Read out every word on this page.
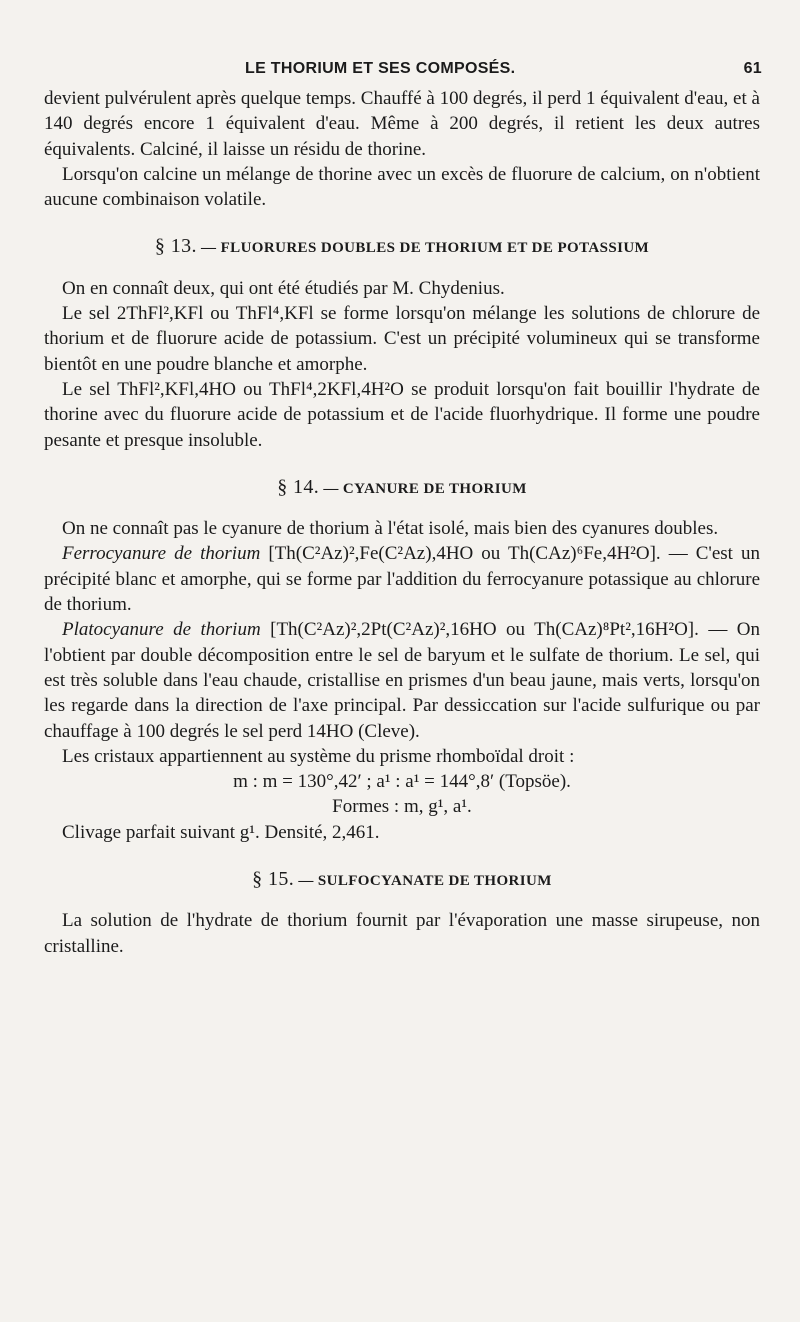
LE THORIUM ET SES COMPOSÉS.	61

devient pulvérulent après quelque temps. Chauffé à 100 degrés, il perd 1 équivalent d'eau, et à 140 degrés encore 1 équivalent d'eau. Même à 200 degrés, il retient les deux autres équivalents. Calciné, il laisse un résidu de thorine.

Lorsqu'on calcine un mélange de thorine avec un excès de fluorure de calcium, on n'obtient aucune combinaison volatile.

§ 13. — FLUORURES DOUBLES DE THORIUM ET DE POTASSIUM

On en connaît deux, qui ont été étudiés par M. Chydenius.

Le sel 2ThFl²,KFl ou ThFl⁴,KFl se forme lorsqu'on mélange les solutions de chlorure de thorium et de fluorure acide de potassium. C'est un précipité volumineux qui se transforme bientôt en une poudre blanche et amorphe.

Le sel ThFl²,KFl,4HO ou ThFl⁴,2KFl,4H²O se produit lorsqu'on fait bouillir l'hydrate de thorine avec du fluorure acide de potassium et de l'acide fluorhydrique. Il forme une poudre pesante et presque insoluble.

§ 14. — CYANURE DE THORIUM

On ne connaît pas le cyanure de thorium à l'état isolé, mais bien des cyanures doubles.

Ferrocyanure de thorium [Th(C²Az)²,Fe(C²Az),4HO ou Th(CAz)⁶Fe,4H²O]. — C'est un précipité blanc et amorphe, qui se forme par l'addition du ferrocyanure potassique au chlorure de thorium.

Platocyanure de thorium [Th(C²Az)²,2Pt(C²Az)²,16HO ou Th(CAz)⁸Pt²,16H²O]. — On l'obtient par double décomposition entre le sel de baryum et le sulfate de thorium. Le sel, qui est très soluble dans l'eau chaude, cristallise en prismes d'un beau jaune, mais verts, lorsqu'on les regarde dans la direction de l'axe principal. Par dessiccation sur l'acide sulfurique ou par chauffage à 100 degrés le sel perd 14HO (Cleve).

Les cristaux appartiennent au système du prisme rhomboïdal droit :

m : m = 130°,42′ ; a¹ : a¹ = 144°,8′ (Topsöe).

Formes : m, g¹, a¹.

Clivage parfait suivant g¹. Densité, 2,461.

§ 15. — SULFOCYANATE DE THORIUM

La solution de l'hydrate de thorium fournit par l'évaporation une masse sirupeuse, non cristalline.
